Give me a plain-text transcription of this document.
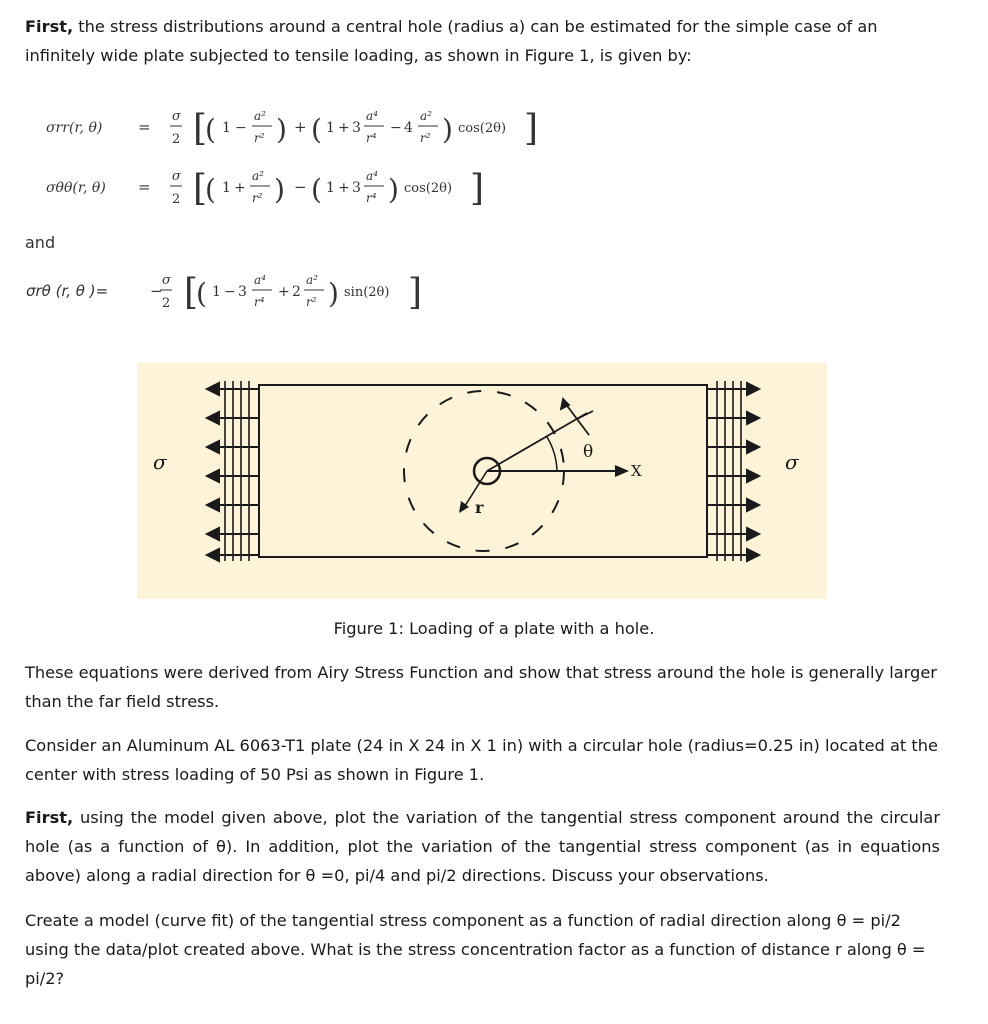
First, the stress distributions around a central hole (radius a) can be estimated for the simple case of an infinitely wide plate subjected to tensile loading, as shown in Figure 1, is given by:

σrr(r, θ) =
σ
2 [
( 1 −
a²
r² ) + ( 1 + 3
a⁴
r⁴
− 4
a²
r² ) cos(2θ) ]
σθθ(r, θ) =
σ
2 [
( 1 +
a²
r² ) − ( 1 + 3
a⁴
r⁴ ) cos(2θ) ]
and
σrθ (r, θ )=	−
σ
2 [
( 1 − 3
a⁴
r⁴
+ 2
a²
r² ) sin(2θ) ]
σ	σ
X
θ
r
Figure 1: Loading of a plate with a hole.

These equations were derived from Airy Stress Function and show that stress around the hole is generally larger than the far field stress.

Consider an Aluminum AL 6063-T1 plate (24 in X 24 in X 1 in) with a circular hole (radius=0.25 in) located at the center with stress loading of 50 Psi as shown in Figure 1.

First, using the model given above, plot the variation of the tangential stress component around the circular hole (as a function of θ). In addition, plot the variation of the tangential stress component (as in equations above) along a radial direction for θ =0, pi/4 and pi/2 directions. Discuss your observations.

Create a model (curve fit) of the tangential stress component as a function of radial direction along θ = pi/2 using the data/plot created above. What is the stress concentration factor as a function of distance r along θ = pi/2?
